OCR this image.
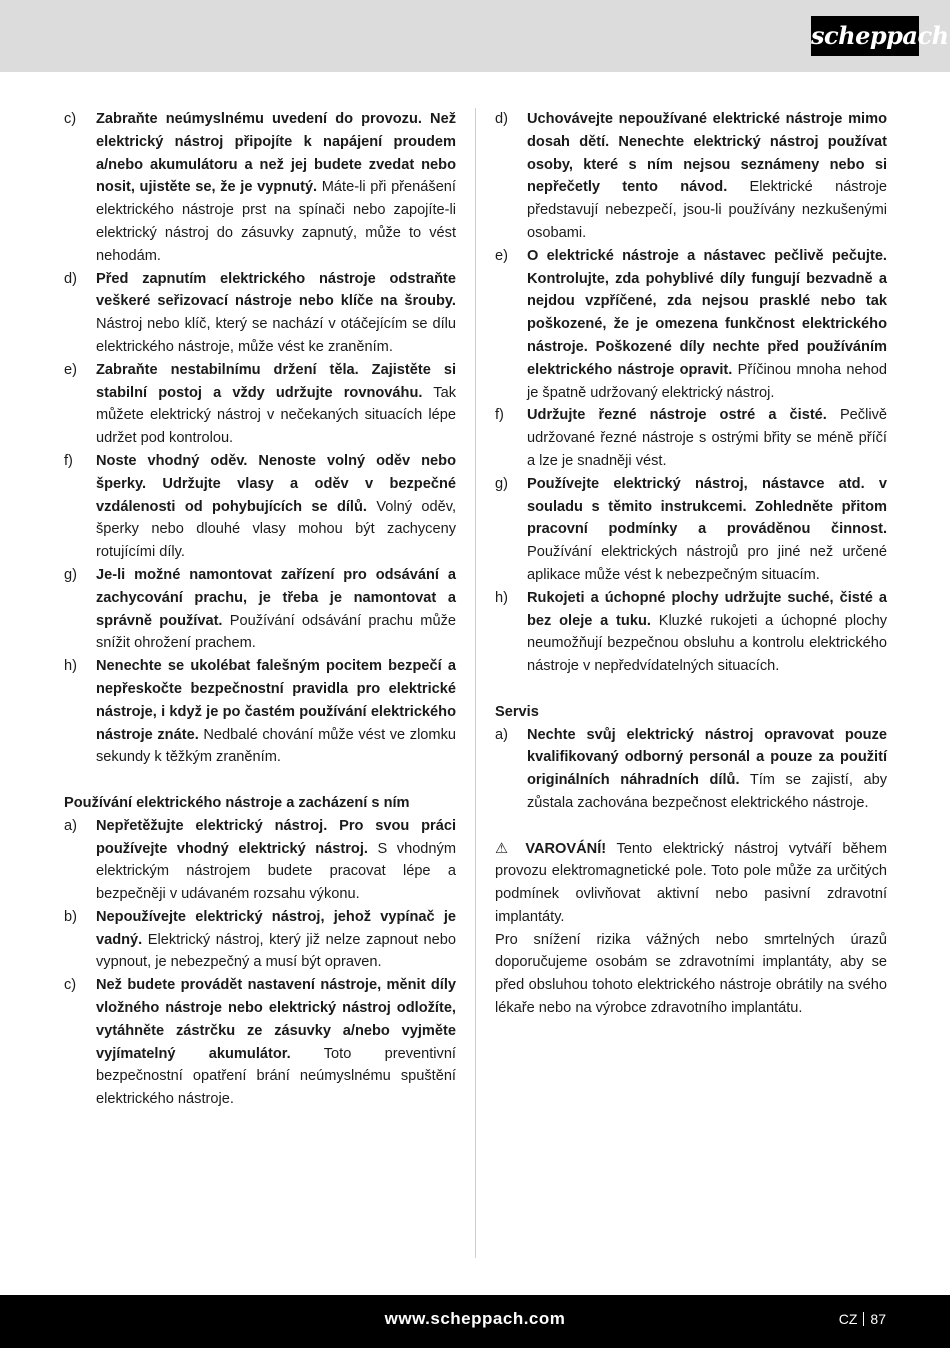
scheppach
c)	Zabraňte neúmyslnému uvedení do provozu. Než elektrický nástroj připojíte k napájení proudem a/nebo akumulátoru a než jej budete zvedat nebo nosit, ujistěte se, že je vypnutý. Máte-li při přenášení elektrického nástroje prst na spínači nebo zapojíte-li elektrický nástroj do zásuvky zapnutý, může to vést nehodám.
d)	Před zapnutím elektrického nástroje odstraňte veškeré seřizovací nástroje nebo klíče na šrouby. Nástroj nebo klíč, který se nachází v otáčejícím se dílu elektrického nástroje, může vést ke zraněním.
e)	Zabraňte nestabilnímu držení těla. Zajistěte si stabilní postoj a vždy udržujte rovnováhu. Tak můžete elektrický nástroj v nečekaných situacích lépe udržet pod kontrolou.
f)	Noste vhodný oděv. Nenoste volný oděv nebo šperky. Udržujte vlasy a oděv v bezpečné vzdálenosti od pohybujících se dílů. Volný oděv, šperky nebo dlouhé vlasy mohou být zachyceny rotujícími díly.
g)	Je-li možné namontovat zařízení pro odsávání a zachycování prachu, je třeba je namontovat a správně používat. Používání odsávání prachu může snížit ohrožení prachem.
h)	Nenechte se ukolébat falešným pocitem bezpečí a nepřeskočte bezpečnostní pravidla pro elektrické nástroje, i když je po častém používání elektrického nástroje znáte. Nedbalé chování může vést ve zlomku sekundy k těžkým zraněním.
Používání elektrického nástroje a zacházení s ním
a)	Nepřetěžujte elektrický nástroj. Pro svou práci používejte vhodný elektrický nástroj. S vhodným elektrickým nástrojem budete pracovat lépe a bezpečněji v udávaném rozsahu výkonu.
b)	Nepoužívejte elektrický nástroj, jehož vypínač je vadný. Elektrický nástroj, který již nelze zapnout nebo vypnout, je nebezpečný a musí být opraven.
c)	Než budete provádět nastavení nástroje, měnit díly vložného nástroje nebo elektrický nástroj odložíte, vytáhněte zástrčku ze zásuvky a/nebo vyjměte vyjímatelný akumulátor. Toto preventivní bezpečnostní opatření brání neúmyslnému spuštění elektrického nástroje.
d)	Uchovávejte nepoužívané elektrické nástroje mimo dosah dětí. Nenechte elektrický nástroj používat osoby, které s ním nejsou seznámeny nebo si nepřečetly tento návod. Elektrické nástroje představují nebezpečí, jsou-li používány nezkušenými osobami.
e)	O elektrické nástroje a nástavec pečlivě pečujte. Kontrolujte, zda pohyblivé díly fungují bezvadně a nejdou vzpříčené, zda nejsou prasklé nebo tak poškozené, že je omezena funkčnost elektrického nástroje. Poškozené díly nechte před používáním elektrického nástroje opravit. Příčinou mnoha nehod je špatně udržovaný elektrický nástroj.
f)	Udržujte řezné nástroje ostré a čisté. Pečlivě udržované řezné nástroje s ostrými břity se méně příčí a lze je snadněji vést.
g)	Používejte elektrický nástroj, nástavce atd. v souladu s těmito instrukcemi. Zohledněte přitom pracovní podmínky a prováděnou činnost. Používání elektrických nástrojů pro jiné než určené aplikace může vést k nebezpečným situacím.
h)	Rukojeti a úchopné plochy udržujte suché, čisté a bez oleje a tuku. Kluzké rukojeti a úchopné plochy neumožňují bezpečnou obsluhu a kontrolu elektrického nástroje v nepředvídatelných situacích.
Servis
a)	Nechte svůj elektrický nástroj opravovat pouze kvalifikovaný odborný personál a pouze za použití originálních náhradních dílů. Tím se zajistí, aby zůstala zachována bezpečnost elektrického nástroje.

⚠ VAROVÁNÍ! Tento elektrický nástroj vytváří během provozu elektromagnetické pole. Toto pole může za určitých podmínek ovlivňovat aktivní nebo pasivní zdravotní implantáty.

Pro snížení rizika vážných nebo smrtelných úrazů doporučujeme osobám se zdravotními implantáty, aby se před obsluhou tohoto elektrického nástroje obrátily na svého lékaře nebo na výrobce zdravotního implantátu.

www.scheppach.com	CZ 87
